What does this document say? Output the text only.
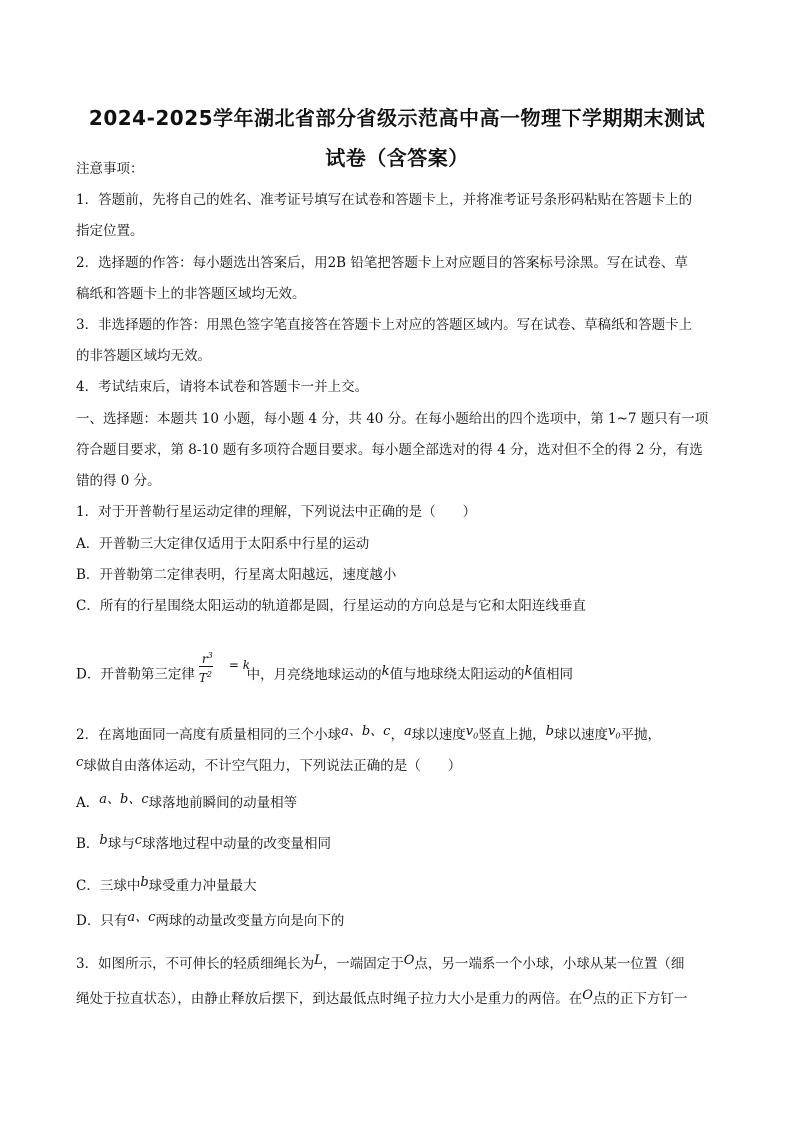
2024-2025学年湖北省部分省级示范高中高一物理下学期期末测试
试卷（含答案）
注意事项：
1．答题前，先将自己的姓名、准考证号填写在试卷和答题卡上，并将准考证号条形码粘贴在答题卡上的
指定位置。
2．选择题的作答：每小题选出答案后，用2B 铅笔把答题卡上对应题目的答案标号涂黑。写在试卷、草
稿纸和答题卡上的非答题区域均无效。
3．非选择题的作答：用黑色签字笔直接答在答题卡上对应的答题区域内。写在试卷、草稿纸和答题卡上
的非答题区域均无效。
4．考试结束后，请将本试卷和答题卡一并上交。
一、选择题：本题共 10 小题，每小题 4 分，共 40 分。在每小题给出的四个选项中，第 1~7 题只有一项
符合题目要求，第 8-10 题有多项符合题目要求。每小题全部选对的得 4 分，选对但不全的得 2 分，有选
错的得 0 分。
1．对于开普勒行星运动定律的理解，下列说法中正确的是（　　）
A．开普勒三大定律仅适用于太阳系中行星的运动
B．开普勒第二定律表明，行星离太阳越远，速度越小
C．所有的行星围绕太阳运动的轨道都是圆，行星运动的方向总是与它和太阳连线垂直
D．开普勒第三定律
$r^3$
$T^2$
= k
中，月亮绕地球运动的k值与地球绕太阳运动的k值相同
2．在离地面同一高度有质量相同的三个小球a、b、c，a球以速度$v_0$竖直上抛，b球以速度$v_0$平抛，
c球做自由落体运动，不计空气阻力，下列说法正确的是（　　）
A．a、b、c球落地前瞬间的动量相等
B．b球与c球落地过程中动量的改变量相同
C．三球中b球受重力冲量最大
D．只有a、c两球的动量改变量方向是向下的
3．如图所示，不可伸长的轻质细绳长为L，一端固定于O点，另一端系一个小球，小球从某一位置（细
绳处于拉直状态），由静止释放后摆下，到达最低点时绳子拉力大小是重力的两倍。在O点的正下方钉一
